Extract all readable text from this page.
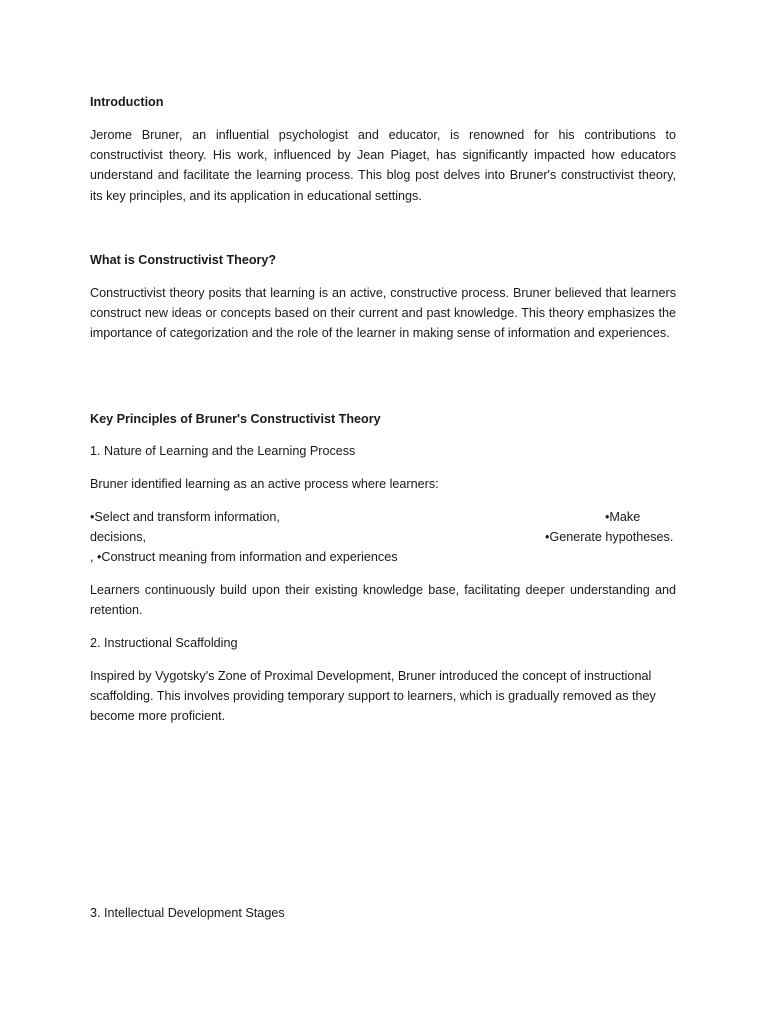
Introduction

Jerome Bruner, an influential psychologist and educator, is renowned for his contributions to constructivist theory. His work, influenced by Jean Piaget, has significantly impacted how educators understand and facilitate the learning process. This blog post delves into Bruner's constructivist theory, its key principles, and its application in educational settings.

What is Constructivist Theory?

Constructivist theory posits that learning is an active, constructive process. Bruner believed that learners construct new ideas or concepts based on their current and past knowledge. This theory emphasizes the importance of categorization and the role of the learner in making sense of information and experiences.

Key Principles of Bruner's Constructivist Theory

1. Nature of Learning and the Learning Process

Bruner identified learning as an active process where learners:

•Select and transform information,	•Make

decisions,	•Generate hypotheses.

, •Construct meaning from information and experiences

Learners continuously build upon their existing knowledge base, facilitating deeper understanding and retention.

2. Instructional Scaffolding

Inspired by Vygotsky's Zone of Proximal Development, Bruner introduced the concept of instructional scaffolding. This involves providing temporary support to learners, which is gradually removed as they become more proficient.

3. Intellectual Development Stages
